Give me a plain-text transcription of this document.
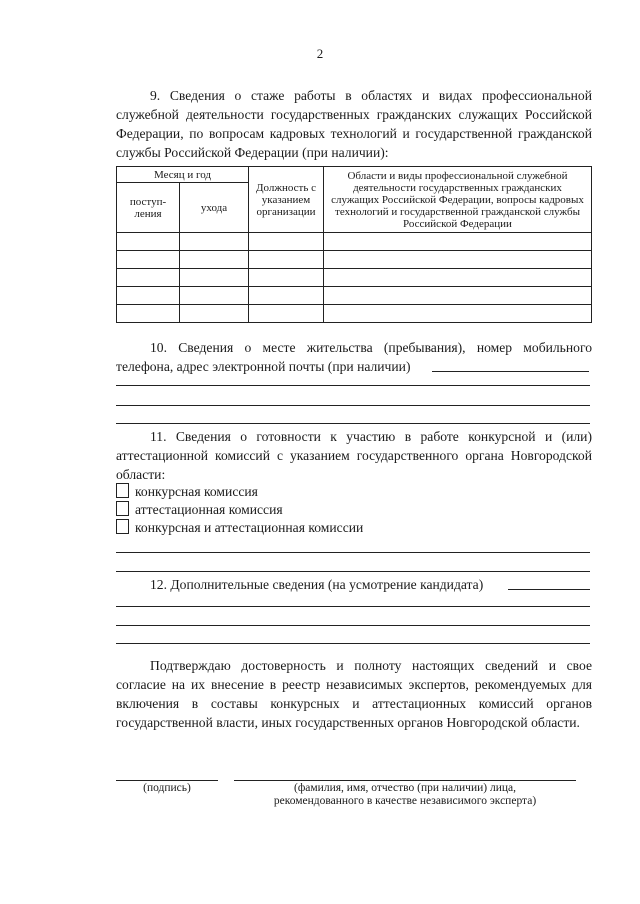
2
9. Сведения о стаже работы в областях и видах профессиональной служебной деятельности государственных гражданских служащих Российской Федерации, по вопросам кадровых технологий и государственной гражданской службы Российской Федерации (при наличии):
Месяц и год		Должность с указанием организации	Области и виды профессиональной служебной деятельности государственных гражданских служащих Российской Федерации, вопросы кадровых технологий и государственной гражданской службы Российской Федерации
поступ-
ления	ухода		

10. Сведения о месте жительства (пребывания), номер мобильного
телефона, адрес электронной почты (при наличии)
11. Сведения о готовности к участию в работе конкурсной и (или) аттестационной комиссий с указанием государственного органа Новгородской области:
конкурсная комиссия
аттестационная комиссия
конкурсная и аттестационная комиссии
12. Дополнительные сведения (на усмотрение кандидата)
Подтверждаю достоверность и полноту настоящих сведений и свое согласие на их внесение в реестр независимых экспертов, рекомендуемых для включения в составы конкурсных и аттестационных комиссий органов государственной власти, иных государственных органов Новгородской области.
(подпись)	(фамилия, имя, отчество (при наличии) лица,
рекомендованного в качестве независимого эксперта)
